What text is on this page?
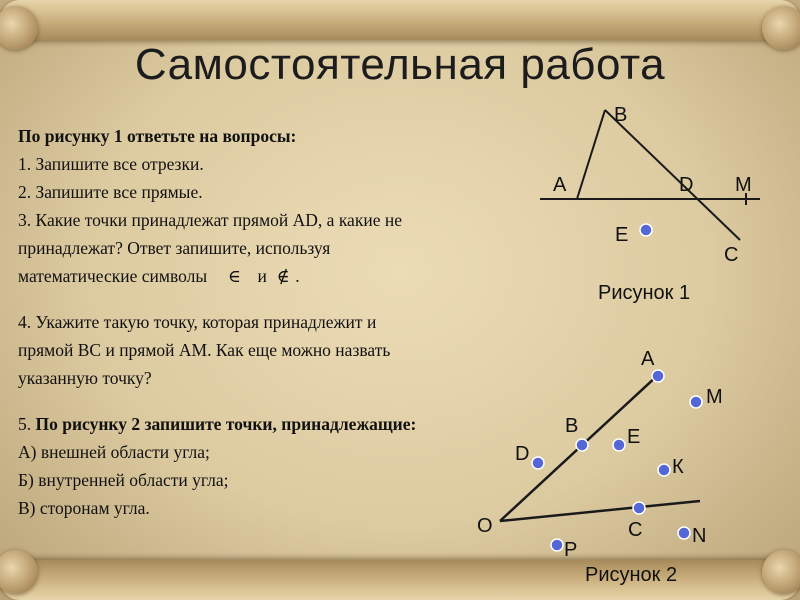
Самостоятельная работа

По рисунку 1 ответьте на вопросы:

1. Запишите все отрезки.

2. Запишите все прямые.

3. Какие точки принадлежат прямой AD, а какие не

принадлежат? Ответ запишите, используя

математические символы ∈ и ∉ .

4. Укажите такую точку, которая принадлежит и

прямой ВС и прямой АМ. Как еще можно назвать

указанную точку?

5. По рисунку 2 запишите точки, принадлежащие:

А) внешней области угла;

Б) внутренней области угла;

В) сторонам угла.

В
А	D M
E
С
Рисунок 1
А
M
В E
D
К
О	С N
Р
Рисунок 2
